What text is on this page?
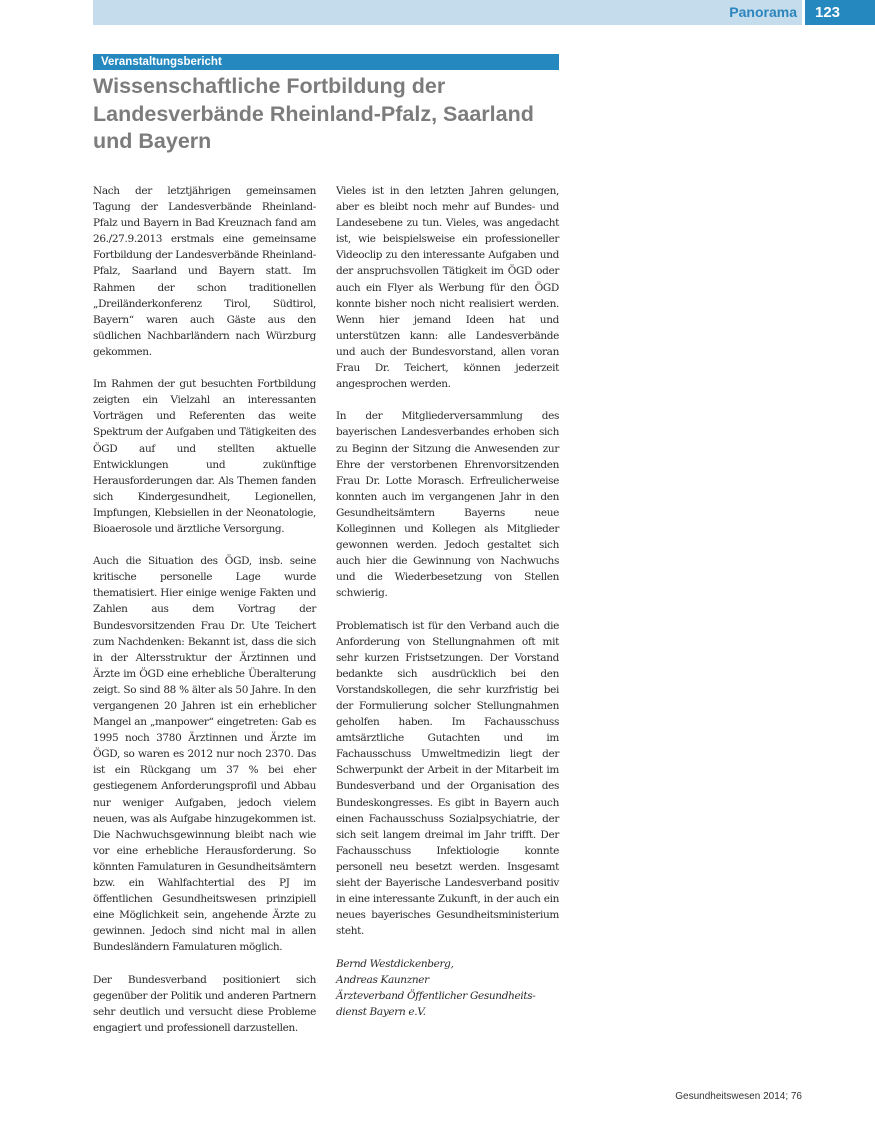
Panorama	123
Veranstaltungsbericht
Wissenschaftliche Fortbildung der
Landesverbände Rheinland-Pfalz, Saarland
und Bayern

Nach der letztjährigen gemeinsamen Tagung der Landesverbände Rheinland-Pfalz und Bayern in Bad Kreuznach fand am 26./27.9.2013 erstmals eine gemeinsame Fortbildung der Landesverbände Rheinland-Pfalz, Saarland und Bayern statt. Im Rahmen der schon traditionellen „Dreiländerkonferenz Tirol, Südtirol, Bayern“ waren auch Gäste aus den südlichen Nachbarländern nach Würzburg gekommen.

Im Rahmen der gut besuchten Fortbildung zeigten ein Vielzahl an interessanten Vorträgen und Referenten das weite Spektrum der Aufgaben und Tätigkeiten des ÖGD auf und stellten aktuelle Entwicklungen und zukünftige Herausforderungen dar. Als Themen fanden sich Kindergesundheit, Legionellen, Impfungen, Klebsiellen in der Neonatologie, Bioaerosole und ärztliche Versorgung.

Auch die Situation des ÖGD, insb. seine kritische personelle Lage wurde thematisiert. Hier einige wenige Fakten und Zahlen aus dem Vortrag der Bundesvorsitzenden Frau Dr. Ute Teichert zum Nachdenken: Bekannt ist, dass die sich in der Altersstruktur der Ärztinnen und Ärzte im ÖGD eine erhebliche Überalterung zeigt. So sind 88 % älter als 50 Jahre. In den vergangenen 20 Jahren ist ein erheblicher Mangel an „manpower“ eingetreten: Gab es 1995 noch 3780 Ärztinnen und Ärzte im ÖGD, so waren es 2012 nur noch 2370. Das ist ein Rückgang um 37 % bei eher gestiegenem Anforderungsprofil und Abbau nur weniger Aufgaben, jedoch vielem neuen, was als Aufgabe hinzugekommen ist. Die Nachwuchsgewinnung bleibt nach wie vor eine erhebliche Herausforderung. So könnten Famulaturen in Gesundheitsämtern bzw. ein Wahlfachtertial des PJ im öffentlichen Gesundheitswesen prinzipiell eine Möglichkeit sein, angehende Ärzte zu gewinnen. Jedoch sind nicht mal in allen Bundesländern Famulaturen möglich.

Der Bundesverband positioniert sich gegenüber der Politik und anderen Partnern sehr deutlich und versucht diese Probleme engagiert und professionell darzustellen.

Vieles ist in den letzten Jahren gelungen, aber es bleibt noch mehr auf Bundes- und Landesebene zu tun. Vieles, was angedacht ist, wie beispielsweise ein professioneller Videoclip zu den interessante Aufgaben und der anspruchsvollen Tätigkeit im ÖGD oder auch ein Flyer als Werbung für den ÖGD konnte bisher noch nicht realisiert werden. Wenn hier jemand Ideen hat und unterstützen kann: alle Landesverbände und auch der Bundesvorstand, allen voran Frau Dr. Teichert, können jederzeit angesprochen werden.

In der Mitgliederversammlung des bayerischen Landesverbandes erhoben sich zu Beginn der Sitzung die Anwesenden zur Ehre der verstorbenen Ehrenvorsitzenden Frau Dr. Lotte Morasch. Erfreulicherweise konnten auch im vergangenen Jahr in den Gesundheitsämtern Bayerns neue Kolleginnen und Kollegen als Mitglieder gewonnen werden. Jedoch gestaltet sich auch hier die Gewinnung von Nachwuchs und die Wiederbesetzung von Stellen schwierig.

Problematisch ist für den Verband auch die Anforderung von Stellungnahmen oft mit sehr kurzen Fristsetzungen. Der Vorstand bedankte sich ausdrücklich bei den Vorstandskollegen, die sehr kurzfristig bei der Formulierung solcher Stellungnahmen geholfen haben. Im Fachausschuss amtsärztliche Gutachten und im Fachausschuss Umweltmedizin liegt der Schwerpunkt der Arbeit in der Mitarbeit im Bundesverband und der Organisation des Bundeskongresses. Es gibt in Bayern auch einen Fachausschuss Sozialpsychiatrie, der sich seit langem dreimal im Jahr trifft. Der Fachausschuss Infektiologie konnte personell neu besetzt werden. Insgesamt sieht der Bayerische Landesverband positiv in eine interessante Zukunft, in der auch ein neues bayerisches Gesundheitsministerium steht.

Bernd Westdickenberg,
Andreas Kaunzner
Ärzteverband Öffentlicher Gesundheits-
dienst Bayern e.V.

Gesundheitswesen 2014; 76
